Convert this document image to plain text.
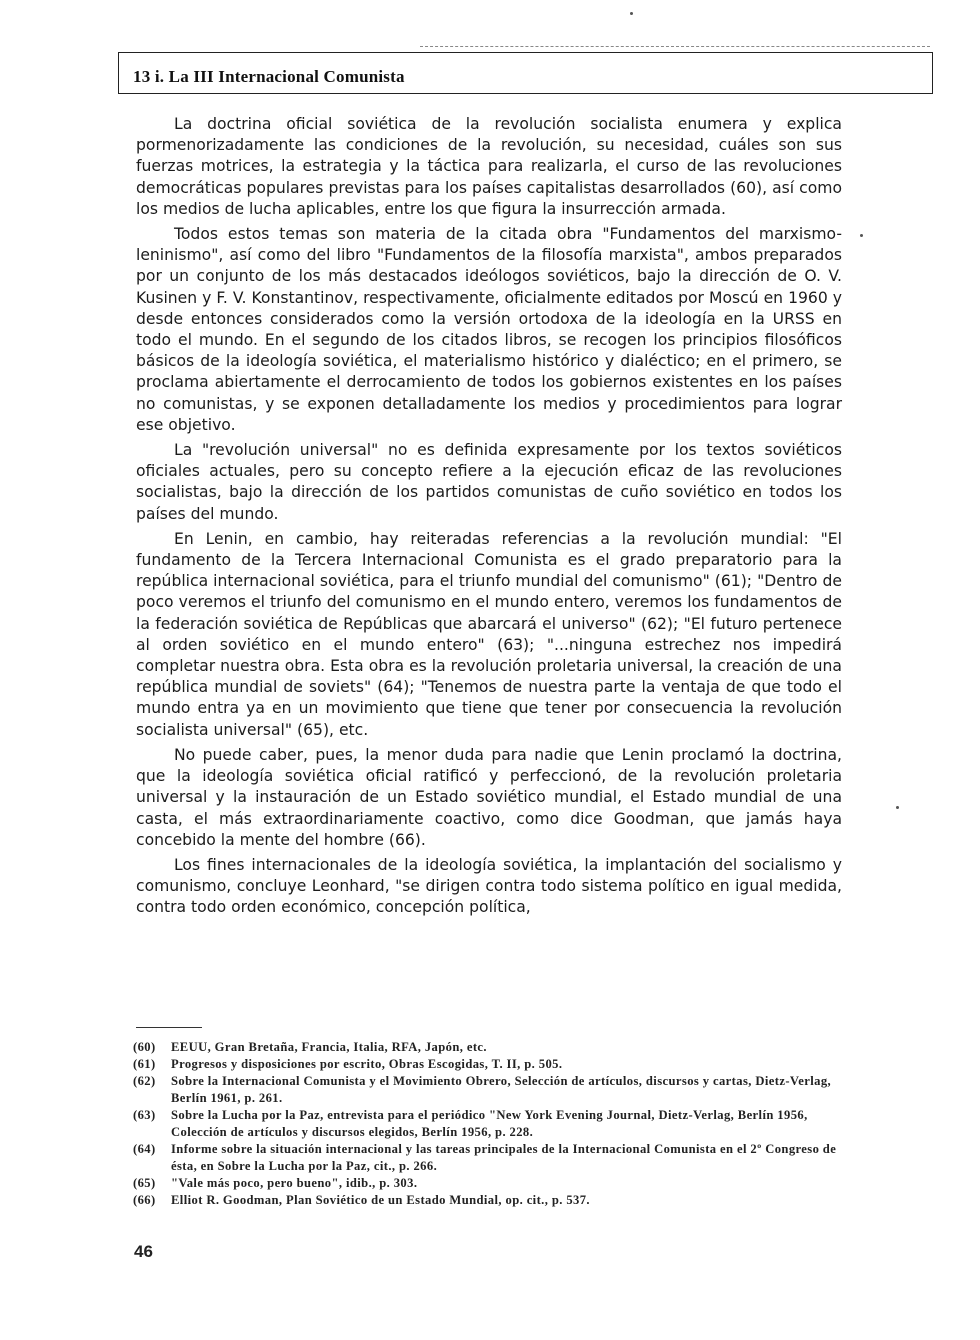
13 i. La III Internacional Comunista

La doctrina oficial soviética de la revolución socialista enumera y explica pormenorizadamente las condiciones de la revolución, su necesidad, cuáles son sus fuerzas motrices, la estrategia y la táctica para realizarla, el curso de las revoluciones democráticas populares previstas para los países capitalistas desarrollados (60), así como los medios de lucha aplicables, entre los que figura la insurrección armada.

Todos estos temas son materia de la citada obra "Fundamentos del marxismo-leninismo", así como del libro "Fundamentos de la filosofía marxista", ambos preparados por un conjunto de los más destacados ideólogos soviéticos, bajo la dirección de O. V. Kusinen y F. V. Konstantinov, respectivamente, oficialmente editados por Moscú en 1960 y desde entonces considerados como la versión ortodoxa de la ideología en la URSS en todo el mundo. En el segundo de los citados libros, se recogen los principios filosóficos básicos de la ideología soviética, el materialismo histórico y dialéctico; en el primero, se proclama abiertamente el derrocamiento de todos los gobiernos existentes en los países no comunistas, y se exponen detalladamente los medios y procedimientos para lograr ese objetivo.

La "revolución universal" no es definida expresamente por los textos soviéticos oficiales actuales, pero su concepto refiere a la ejecución eficaz de las revoluciones socialistas, bajo la dirección de los partidos comunistas de cuño soviético en todos los países del mundo.

En Lenin, en cambio, hay reiteradas referencias a la revolución mundial: "El fundamento de la Tercera Internacional Comunista es el grado preparatorio para la república internacional soviética, para el triunfo mundial del comunismo" (61); "Dentro de poco veremos el triunfo del comunismo en el mundo entero, veremos los fundamentos de la federación soviética de Repúblicas que abarcará el universo" (62); "El futuro pertenece al orden soviético en el mundo entero" (63); "...ninguna estrechez nos impedirá completar nuestra obra. Esta obra es la revolución proletaria universal, la creación de una república mundial de soviets" (64); "Tenemos de nuestra parte la ventaja de que todo el mundo entra ya en un movimiento que tiene que tener por consecuencia la revolución socialista universal" (65), etc.

No puede caber, pues, la menor duda para nadie que Lenin proclamó la doctrina, que la ideología soviética oficial ratificó y perfeccionó, de la revolución proletaria universal y la instauración de un Estado soviético mundial, el Estado mundial de una casta, el más extraordinariamente coactivo, como dice Goodman, que jamás haya concebido la mente del hombre (66).

Los fines internacionales de la ideología soviética, la implantación del socialismo y comunismo, concluye Leonhard, "se dirigen contra todo sistema político en igual medida, contra todo orden económico, concepción política,

(60)	EEUU, Gran Bretaña, Francia, Italia, RFA, Japón, etc.
(61)	Progresos y disposiciones por escrito, Obras Escogidas, T. II, p. 505.
(62)	Sobre la Internacional Comunista y el Movimiento Obrero, Selección de artículos, discursos y cartas, Dietz-Verlag, Berlín 1961, p. 261.
(63)	Sobre la Lucha por la Paz, entrevista para el periódico "New York Evening Journal, Dietz-Verlag, Berlín 1956, Colección de artículos y discursos elegidos, Berlín 1956, p. 228.
(64)	Informe sobre la situación internacional y las tareas principales de la Internacional Comunista en el 2º Congreso de ésta, en Sobre la Lucha por la Paz, cit., p. 266.
(65)	"Vale más poco, pero bueno", idib., p. 303.
(66)	Elliot R. Goodman, Plan Soviético de un Estado Mundial, op. cit., p. 537.
46
